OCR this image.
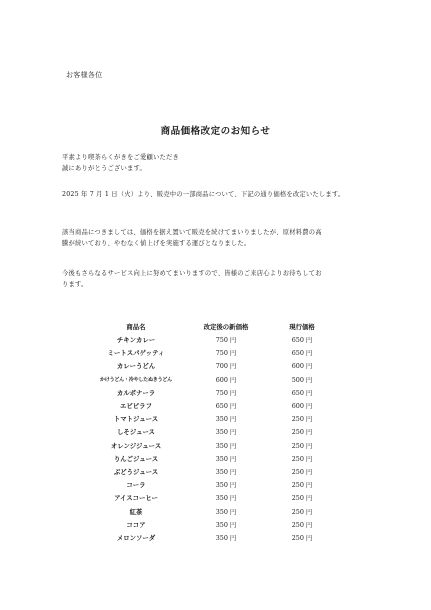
お客様各位
商品価格改定のお知らせ
平素より喫茶らくがきをご愛顧いただき
誠にありがとうございます。
2025 年 7 月 1 日（火）より、販売中の一部商品について、下記の通り価格を改定いたします。
該当商品につきましては、価格を据え置いて販売を続けてまいりましたが、原材料費の高
騰が続いており、やむなく値上げを実施する運びとなりました。
今後もさらなるサービス向上に努めてまいりますので、皆様のご来店心よりお待ちしてお
ります。
商品名	改定後の新価格	現行価格
チキンカレー	750 円	650 円
ミートスパゲッティ	750 円	650 円
カレーうどん	700 円	600 円
かけうどん・冷やしたぬきうどん	600 円	500 円
カルボナーラ	750 円	650 円
エビピラフ	650 円	600 円
トマトジュース	350 円	250 円
しそジュース	350 円	250 円
オレンジジュース	350 円	250 円
りんごジュース	350 円	250 円
ぶどうジュース	350 円	250 円
コーラ	350 円	250 円
アイスコーヒー	350 円	250 円
紅茶	350 円	250 円
ココア	350 円	250 円
メロンソーダ	350 円	250 円
